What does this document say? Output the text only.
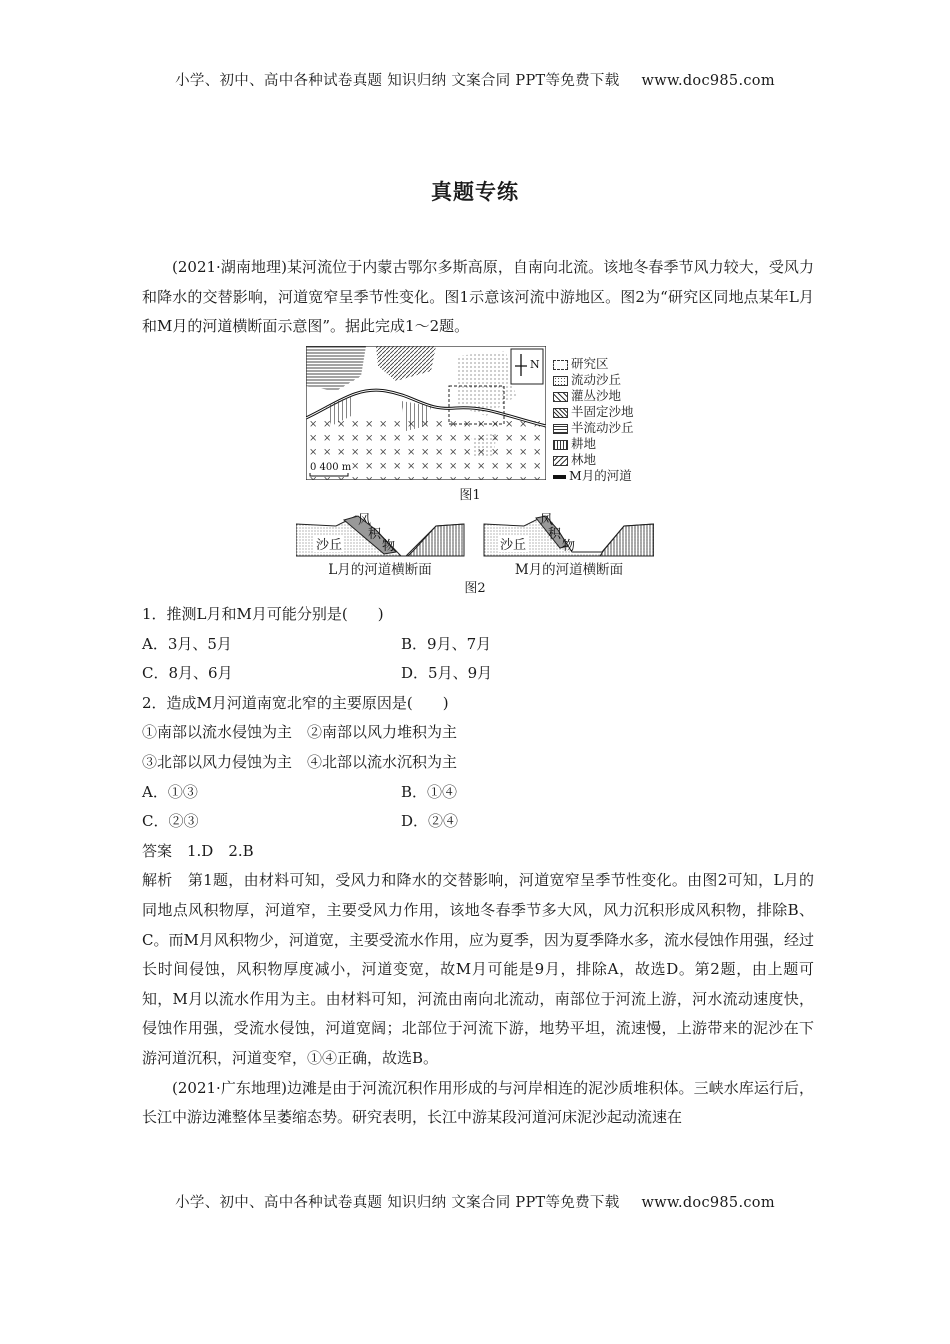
小学、初中、高中各种试卷真题 知识归纳 文案合同 PPT等免费下载 www.doc985.com
真题专练

(2021·湖南地理)某河流位于内蒙古鄂尔多斯高原，自南向北流。该地冬春季节风力较大，受风力和降水的交替影响，河道宽窄呈季节性变化。图1示意该河流中游地区。图2为“研究区同地点某年L月和M月的河道横断面示意图”。据此完成1～2题。

N
0 400 m
研究区
流动沙丘
灌丛沙地
半固定沙地
半流动沙丘
耕地
林地
M月的河道
图1
沙丘
风
积
物	沙丘
风
积
物
L月的河道横断面	M月的河道横断面
图2

1．推测L月和M月可能分别是(　　)

A．3月、5月	B．9月、7月
C．8月、6月	D．5月、9月

2．造成M月河道南宽北窄的主要原因是(　　)

①南部以流水侵蚀为主　②南部以风力堆积为主

③北部以风力侵蚀为主　④北部以流水沉积为主

A．①③	B．①④
C．②③	D．②④

答案　1.D　2.B

解析　第1题，由材料可知，受风力和降水的交替影响，河道宽窄呈季节性变化。由图2可知，L月的同地点风积物厚，河道窄，主要受风力作用，该地冬春季节多大风，风力沉积形成风积物，排除B、C。而M月风积物少，河道宽，主要受流水作用，应为夏季，因为夏季降水多，流水侵蚀作用强，经过长时间侵蚀，风积物厚度减小，河道变宽，故M月可能是9月，排除A，故选D。第2题，由上题可知，M月以流水作用为主。由材料可知，河流由南向北流动，南部位于河流上游，河水流动速度快，侵蚀作用强，受流水侵蚀，河道宽阔；北部位于河流下游，地势平坦，流速慢，上游带来的泥沙在下游河道沉积，河道变窄，①④正确，故选B。

(2021·广东地理)边滩是由于河流沉积作用形成的与河岸相连的泥沙质堆积体。三峡水库运行后，长江中游边滩整体呈萎缩态势。研究表明，长江中游某段河道河床泥沙起动流速在

小学、初中、高中各种试卷真题 知识归纳 文案合同 PPT等免费下载 www.doc985.com
